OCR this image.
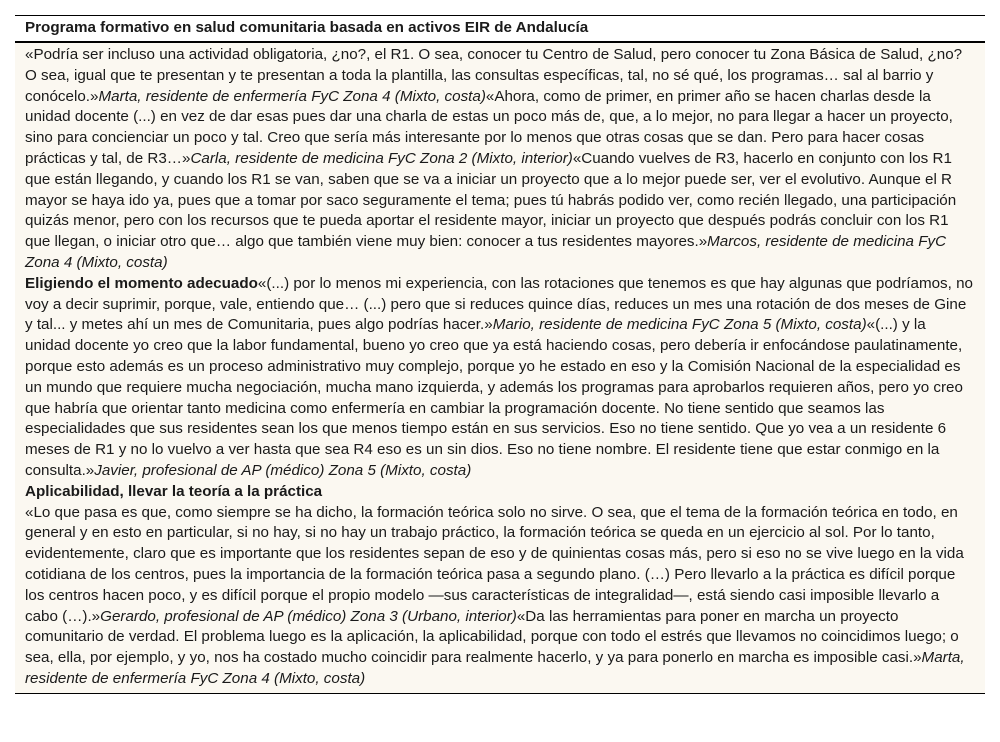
Programa formativo en salud comunitaria basada en activos EIR de Andalucía

«Podría ser incluso una actividad obligatoria, ¿no?, el R1. O sea, conocer tu Centro de Salud, pero conocer tu Zona Básica de Salud, ¿no? O sea, igual que te presentan y te presentan a toda la plantilla, las consultas específicas, tal, no sé qué, los programas… sal al barrio y conócelo.»Marta, residente de enfermería FyC Zona 4 (Mixto, costa)«Ahora, como de primer, en primer año se hacen charlas desde la unidad docente (...) en vez de dar esas pues dar una charla de estas un poco más de, que, a lo mejor, no para llegar a hacer un proyecto, sino para concienciar un poco y tal. Creo que sería más interesante por lo menos que otras cosas que se dan. Pero para hacer cosas prácticas y tal, de R3…»Carla, residente de medicina FyC Zona 2 (Mixto, interior)«Cuando vuelves de R3, hacerlo en conjunto con los R1 que están llegando, y cuando los R1 se van, saben que se va a iniciar un proyecto que a lo mejor puede ser, ver el evolutivo. Aunque el R mayor se haya ido ya, pues que a tomar por saco seguramente el tema; pues tú habrás podido ver, como recién llegado, una participación quizás menor, pero con los recursos que te pueda aportar el residente mayor, iniciar un proyecto que después podrás concluir con los R1 que llegan, o iniciar otro que… algo que también viene muy bien: conocer a tus residentes mayores.»Marcos, residente de medicina FyC Zona 4 (Mixto, costa)

Eligiendo el momento adecuado«(...) por lo menos mi experiencia, con las rotaciones que tenemos es que hay algunas que podríamos, no voy a decir suprimir, porque, vale, entiendo que… (...) pero que si reduces quince días, reduces un mes una rotación de dos meses de Gine y tal... y metes ahí un mes de Comunitaria, pues algo podrías hacer.»Mario, residente de medicina FyC Zona 5 (Mixto, costa)«(...) y la unidad docente yo creo que la labor fundamental, bueno yo creo que ya está haciendo cosas, pero debería ir enfocándose paulatinamente, porque esto además es un proceso administrativo muy complejo, porque yo he estado en eso y la Comisión Nacional de la especialidad es un mundo que requiere mucha negociación, mucha mano izquierda, y además los programas para aprobarlos requieren años, pero yo creo que habría que orientar tanto medicina como enfermería en cambiar la programación docente. No tiene sentido que seamos las especialidades que sus residentes sean los que menos tiempo están en sus servicios. Eso no tiene sentido. Que yo vea a un residente 6 meses de R1 y no lo vuelvo a ver hasta que sea R4 eso es un sin dios. Eso no tiene nombre. El residente tiene que estar conmigo en la consulta.»Javier, profesional de AP (médico) Zona 5 (Mixto, costa)

Aplicabilidad, llevar la teoría a la práctica

«Lo que pasa es que, como siempre se ha dicho, la formación teórica solo no sirve. O sea, que el tema de la formación teórica en todo, en general y en esto en particular, si no hay, si no hay un trabajo práctico, la formación teórica se queda en un ejercicio al sol. Por lo tanto, evidentemente, claro que es importante que los residentes sepan de eso y de quinientas cosas más, pero si eso no se vive luego en la vida cotidiana de los centros, pues la importancia de la formación teórica pasa a segundo plano. (…) Pero llevarlo a la práctica es difícil porque los centros hacen poco, y es difícil porque el propio modelo —sus características de integralidad—, está siendo casi imposible llevarlo a cabo (…).»Gerardo, profesional de AP (médico) Zona 3 (Urbano, interior)«Da las herramientas para poner en marcha un proyecto comunitario de verdad. El problema luego es la aplicación, la aplicabilidad, porque con todo el estrés que llevamos no coincidimos luego; o sea, ella, por ejemplo, y yo, nos ha costado mucho coincidir para realmente hacerlo, y ya para ponerlo en marcha es imposible casi.»Marta, residente de enfermería FyC Zona 4 (Mixto, costa)
